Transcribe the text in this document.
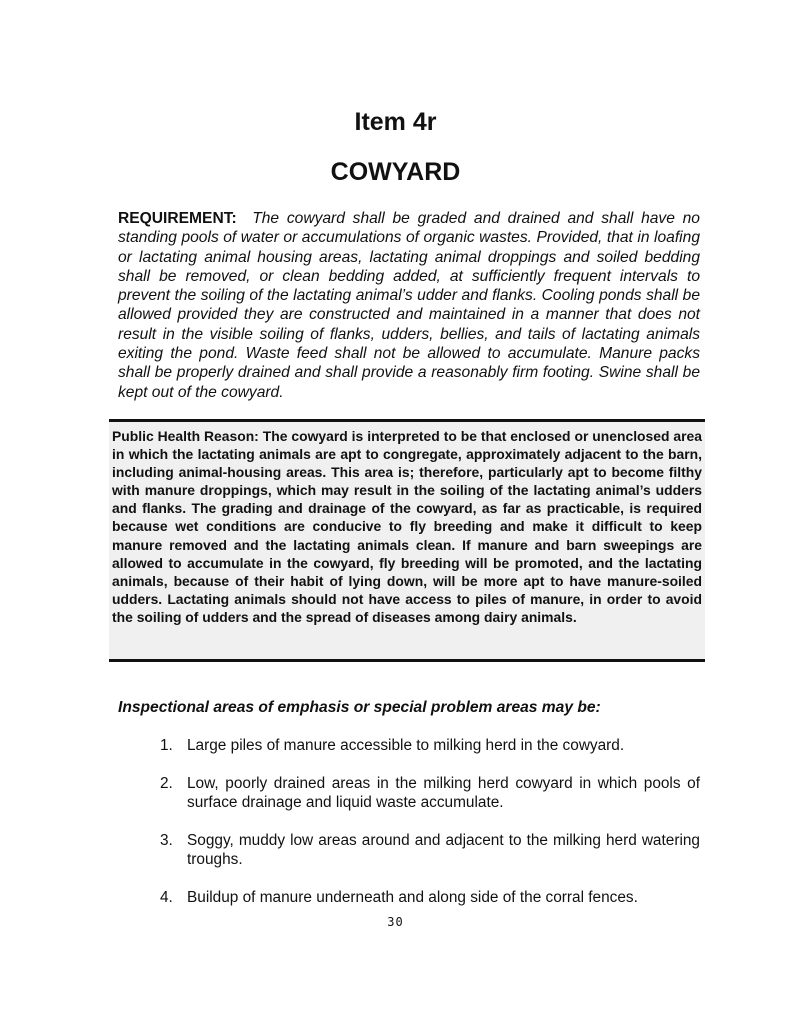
Item 4r
COWYARD

REQUIREMENT: The cowyard shall be graded and drained and shall have no standing pools of water or accumulations of organic wastes. Provided, that in loafing or lactating animal housing areas, lactating animal droppings and soiled bedding shall be removed, or clean bedding added, at sufficiently frequent intervals to prevent the soiling of the lactating animal’s udder and flanks. Cooling ponds shall be allowed provided they are constructed and maintained in a manner that does not result in the visible soiling of flanks, udders, bellies, and tails of lactating animals exiting the pond. Waste feed shall not be allowed to accumulate. Manure packs shall be properly drained and shall provide a reasonably firm footing. Swine shall be kept out of the cowyard.

Public Health Reason: The cowyard is interpreted to be that enclosed or unenclosed area in which the lactating animals are apt to congregate, approximately adjacent to the barn, including animal-housing areas. This area is; therefore, particularly apt to become filthy with manure droppings, which may result in the soiling of the lactating animal’s udders and flanks. The grading and drainage of the cowyard, as far as practicable, is required because wet conditions are conducive to fly breeding and make it difficult to keep manure removed and the lactating animals clean. If manure and barn sweepings are allowed to accumulate in the cowyard, fly breeding will be promoted, and the lactating animals, because of their habit of lying down, will be more apt to have manure-soiled udders. Lactating animals should not have access to piles of manure, in order to avoid the soiling of udders and the spread of diseases among dairy animals.

Inspectional areas of emphasis or special problem areas may be:

1. Large piles of manure accessible to milking herd in the cowyard.
2. Low, poorly drained areas in the milking herd cowyard in which pools of surface drainage and liquid waste accumulate.
3. Soggy, muddy low areas around and adjacent to the milking herd watering troughs.
4. Buildup of manure underneath and along side of the corral fences.

30
